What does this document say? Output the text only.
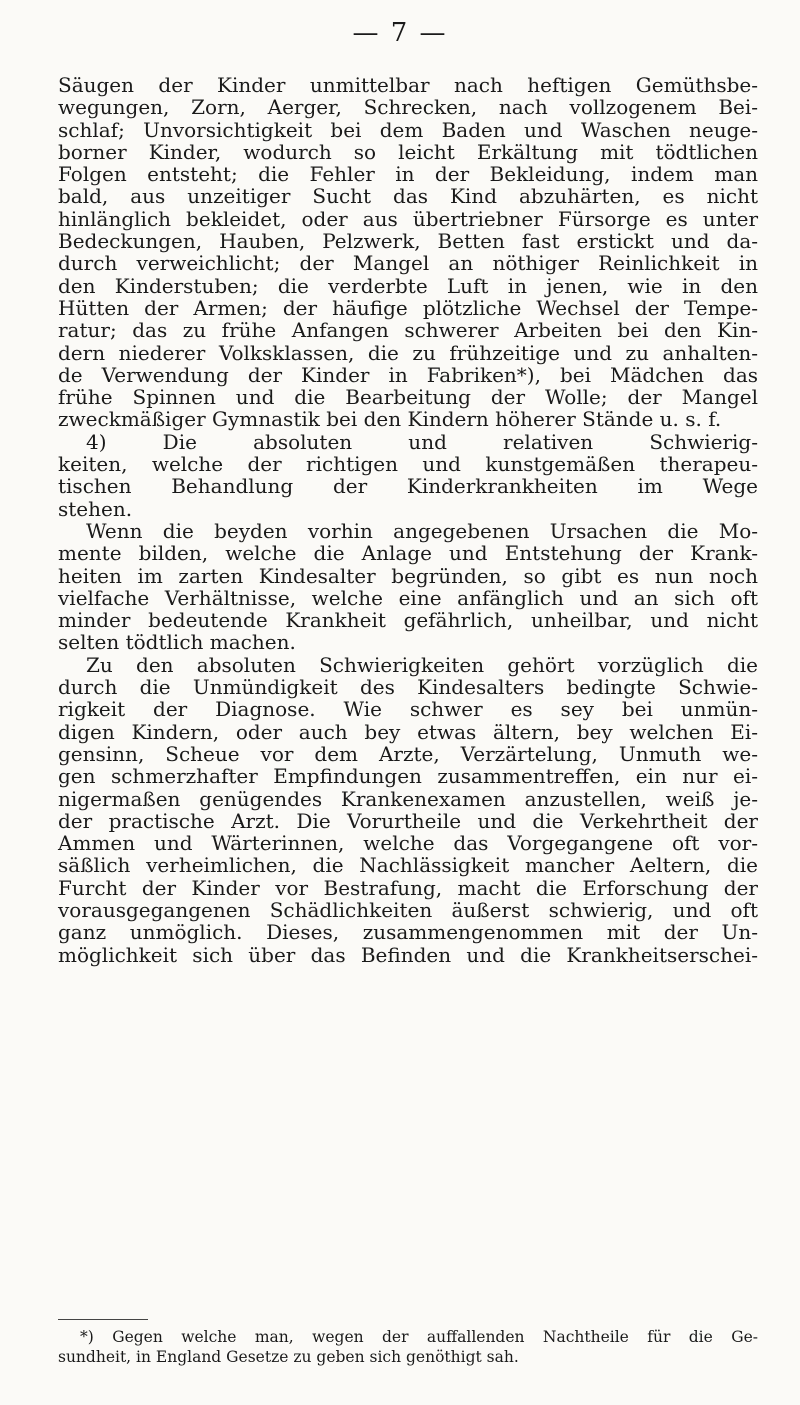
— 7 —
Säugen der Kinder unmittelbar nach heftigen Gemüthsbe-
wegungen, Zorn, Aerger, Schrecken, nach vollzogenem Bei-
schlaf; Unvorsichtigkeit bei dem Baden und Waschen neuge-
borner Kinder, wodurch so leicht Erkältung mit tödtlichen
Folgen entsteht; die Fehler in der Bekleidung, indem man
bald, aus unzeitiger Sucht das Kind abzuhärten, es nicht
hinlänglich bekleidet, oder aus übertriebner Fürsorge es unter
Bedeckungen, Hauben, Pelzwerk, Betten fast erstickt und da-
durch verweichlicht; der Mangel an nöthiger Reinlichkeit in
den Kinderstuben; die verderbte Luft in jenen, wie in den
Hütten der Armen; der häufige plötzliche Wechsel der Tempe-
ratur; das zu frühe Anfangen schwerer Arbeiten bei den Kin-
dern niederer Volksklassen, die zu frühzeitige und zu anhalten-
de Verwendung der Kinder in Fabriken*), bei Mädchen das
frühe Spinnen und die Bearbeitung der Wolle; der Mangel
zweckmäßiger Gymnastik bei den Kindern höherer Stände u. s. f.
4) Die absoluten und relativen Schwierig-
keiten, welche der richtigen und kunstgemäßen therapeu-
tischen Behandlung der Kinderkrankheiten im Wege
stehen.
Wenn die beyden vorhin angegebenen Ursachen die Mo-
mente bilden, welche die Anlage und Entstehung der Krank-
heiten im zarten Kindesalter begründen, so gibt es nun noch
vielfache Verhältnisse, welche eine anfänglich und an sich oft
minder bedeutende Krankheit gefährlich, unheilbar, und nicht
selten tödtlich machen.
Zu den absoluten Schwierigkeiten gehört vorzüglich die
durch die Unmündigkeit des Kindesalters bedingte Schwie-
rigkeit der Diagnose. Wie schwer es sey bei unmün-
digen Kindern, oder auch bey etwas ältern, bey welchen Ei-
gensinn, Scheue vor dem Arzte, Verzärtelung, Unmuth we-
gen schmerzhafter Empfindungen zusammentreffen, ein nur ei-
nigermaßen genügendes Krankenexamen anzustellen, weiß je-
der practische Arzt. Die Vorurtheile und die Verkehrtheit der
Ammen und Wärterinnen, welche das Vorgegangene oft vor-
säßlich verheimlichen, die Nachlässigkeit mancher Aeltern, die
Furcht der Kinder vor Bestrafung, macht die Erforschung der
vorausgegangenen Schädlichkeiten äußerst schwierig, und oft
ganz unmöglich. Dieses, zusammengenommen mit der Un-
möglichkeit sich über das Befinden und die Krankheitserschei-
*) Gegen welche man, wegen der auffallenden Nachtheile für die Ge-
sundheit, in England Gesetze zu geben sich genöthigt sah.
